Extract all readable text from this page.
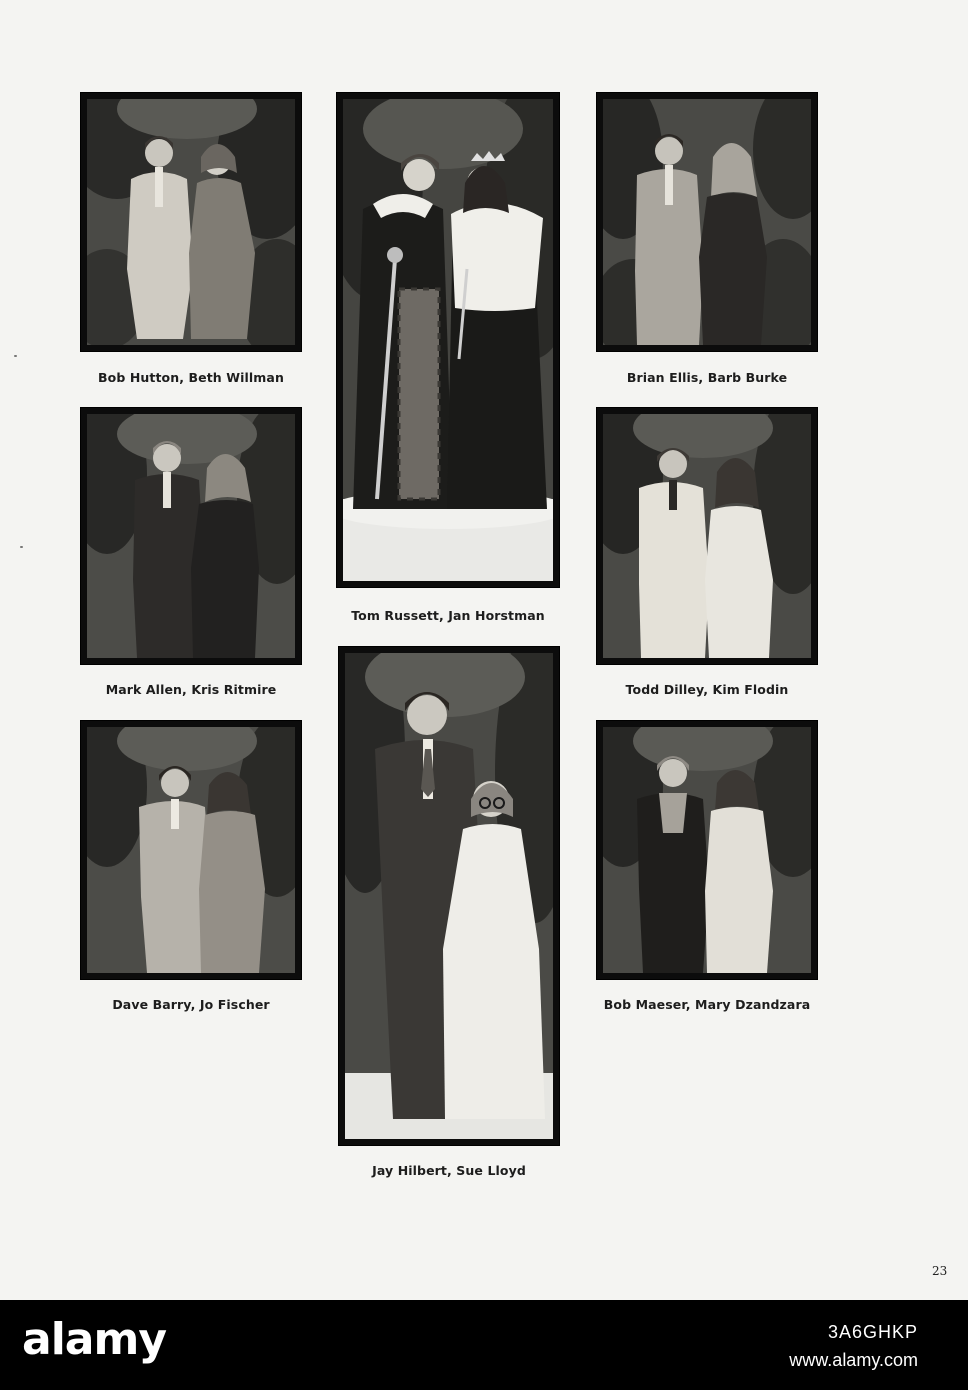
Bob Hutton, Beth Willman
Tom Russett, Jan Horstman
Brian Ellis, Barb Burke
Mark Allen, Kris Ritmire	Todd Dilley, Kim Flodin
Dave Barry, Jo Fischer
Jay Hilbert, Sue Lloyd
Bob Maeser, Mary Dzandzara
23
alamy	3A6GHKP
www.alamy.com
